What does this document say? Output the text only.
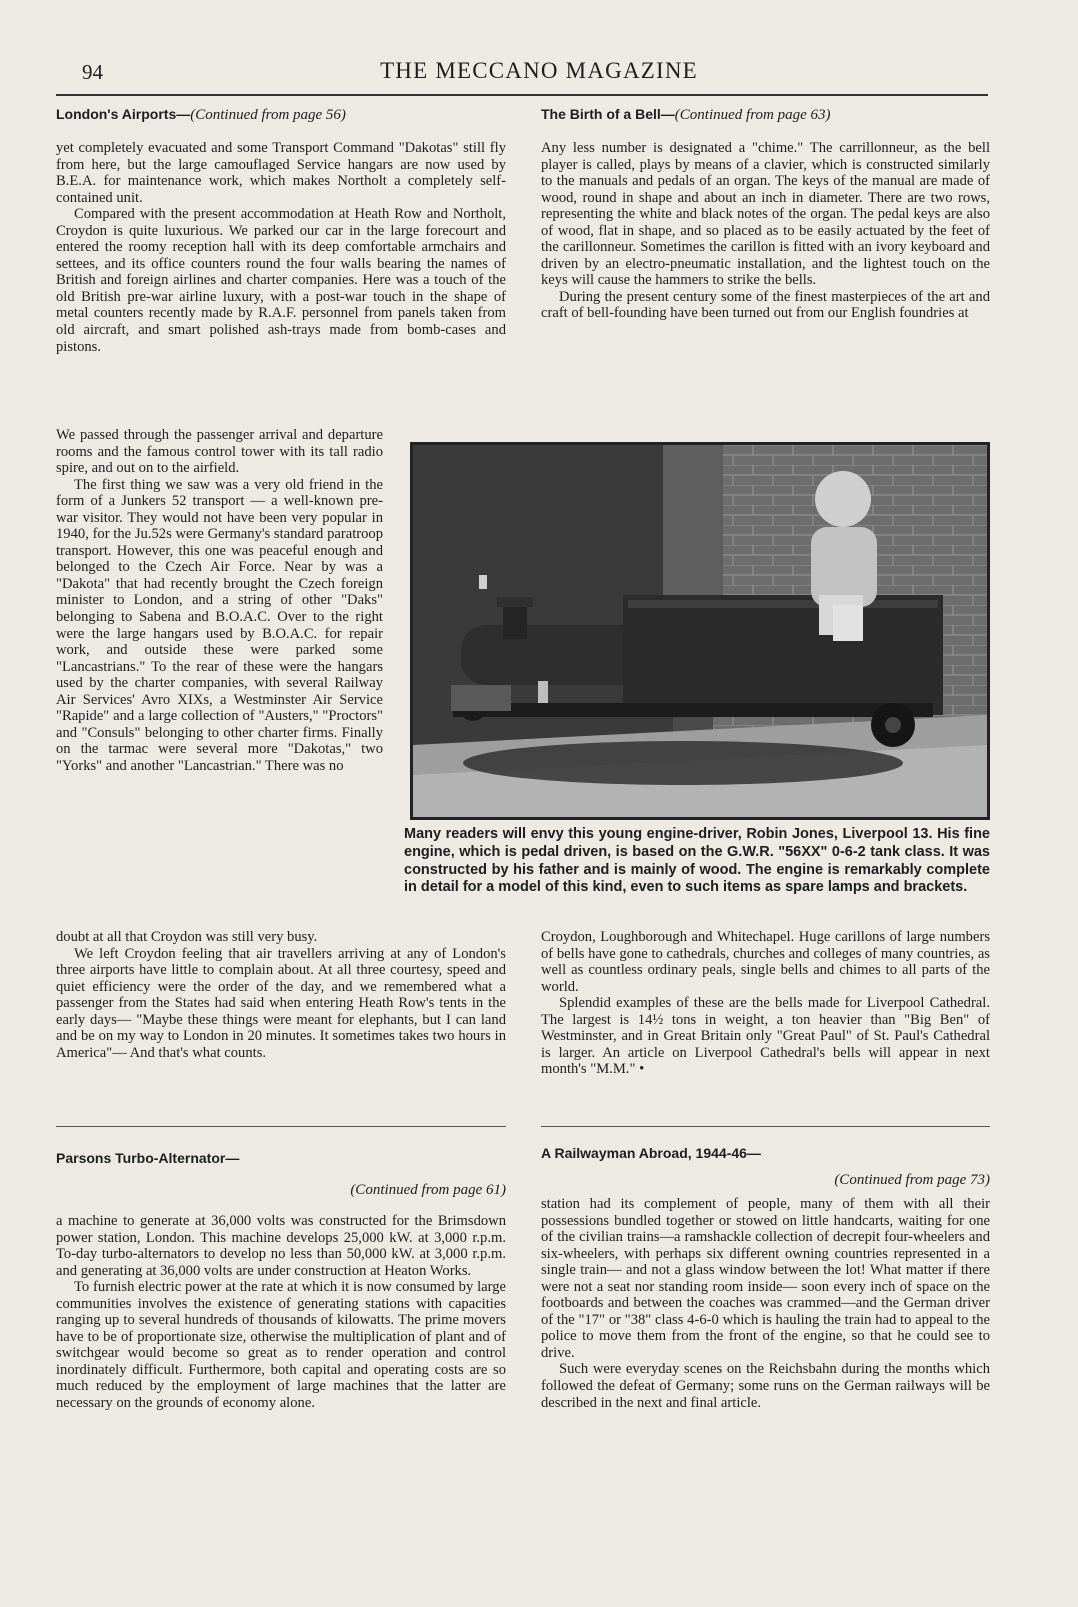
94	THE MECCANO MAGAZINE
London's Airports—(Continued from page 56)

yet completely evacuated and some Transport Command "Dakotas" still fly from here, but the large camouflaged Service hangars are now used by B.E.A. for maintenance work, which makes Northolt a completely self-contained unit.

Compared with the present accommodation at Heath Row and Northolt, Croydon is quite luxurious. We parked our car in the large forecourt and entered the roomy reception hall with its deep comfortable armchairs and settees, and its office counters round the four walls bearing the names of British and foreign airlines and charter companies. Here was a touch of the old British pre-war airline luxury, with a post-war touch in the shape of metal counters recently made by R.A.F. personnel from panels taken from old aircraft, and smart polished ash-trays made from bomb-cases and pistons.

We passed through the passenger arrival and departure rooms and the famous control tower with its tall radio spire, and out on to the airfield.

The first thing we saw was a very old friend in the form of a Junkers 52 transport — a well-known pre-war visitor. They would not have been very popular in 1940, for the Ju.52s were Germany's standard paratroop transport. However, this one was peaceful enough and belonged to the Czech Air Force. Near by was a "Dakota" that had recently brought the Czech foreign minister to London, and a string of other "Daks" belonging to Sabena and B.O.A.C. Over to the right were the large hangars used by B.O.A.C. for repair work, and outside these were parked some "Lancastrians." To the rear of these were the hangars used by the charter companies, with several Railway Air Services' Avro XIXs, a Westminster Air Service "Rapide" and a large collection of "Austers," "Proctors" and "Consuls" belonging to other charter firms. Finally on the tarmac were several more "Dakotas," two "Yorks" and another "Lancastrian." There was no

doubt at all that Croydon was still very busy.

We left Croydon feeling that air travellers arriving at any of London's three airports have little to complain about. At all three courtesy, speed and quiet efficiency were the order of the day, and we remembered what a passenger from the States had said when entering Heath Row's tents in the early days— "Maybe these things were meant for elephants, but I can land and be on my way to London in 20 minutes. It sometimes takes two hours in America"— And that's what counts.

The Birth of a Bell—(Continued from page 63)

Any less number is designated a "chime." The carrillonneur, as the bell player is called, plays by means of a clavier, which is constructed similarly to the manuals and pedals of an organ. The keys of the manual are made of wood, round in shape and about an inch in diameter. There are two rows, representing the white and black notes of the organ. The pedal keys are also of wood, flat in shape, and so placed as to be easily actuated by the feet of the carillonneur. Sometimes the carillon is fitted with an ivory keyboard and driven by an electro-pneumatic installation, and the lightest touch on the keys will cause the hammers to strike the bells.

During the present century some of the finest masterpieces of the art and craft of bell-founding have been turned out from our English foundries at

Many readers will envy this young engine-driver, Robin Jones, Liverpool 13. His fine engine, which is pedal driven, is based on the G.W.R. "56XX" 0-6-2 tank class. It was constructed by his father and is mainly of wood. The engine is remarkably complete in detail for a model of this kind, even to such items as spare lamps and brackets.

Croydon, Loughborough and Whitechapel. Huge carillons of large numbers of bells have gone to cathedrals, churches and colleges of many countries, as well as countless ordinary peals, single bells and chimes to all parts of the world.

Splendid examples of these are the bells made for Liverpool Cathedral. The largest is 14½ tons in weight, a ton heavier than "Big Ben" of Westminster, and in Great Britain only "Great Paul" of St. Paul's Cathedral is larger. An article on Liverpool Cathedral's bells will appear in next month's "M.M." •

Parsons Turbo-Alternator—
(Continued from page 61)

a machine to generate at 36,000 volts was constructed for the Brimsdown power station, London. This machine develops 25,000 kW. at 3,000 r.p.m. To-day turbo-alternators to develop no less than 50,000 kW. at 3,000 r.p.m. and generating at 36,000 volts are under construction at Heaton Works.

To furnish electric power at the rate at which it is now consumed by large communities involves the existence of generating stations with capacities ranging up to several hundreds of thousands of kilowatts. The prime movers have to be of proportionate size, otherwise the multiplication of plant and of switchgear would become so great as to render operation and control inordinately difficult. Furthermore, both capital and operating costs are so much reduced by the employment of large machines that the latter are necessary on the grounds of economy alone.

A Railwayman Abroad, 1944-46—
(Continued from page 73)

station had its complement of people, many of them with all their possessions bundled together or stowed on little handcarts, waiting for one of the civilian trains—a ramshackle collection of decrepit four-wheelers and six-wheelers, with perhaps six different owning countries represented in a single train— and not a glass window between the lot! What matter if there were not a seat nor standing room inside— soon every inch of space on the footboards and between the coaches was crammed—and the German driver of the "17" or "38" class 4-6-0 which is hauling the train had to appeal to the police to move them from the front of the engine, so that he could see to drive.

Such were everyday scenes on the Reichsbahn during the months which followed the defeat of Germany; some runs on the German railways will be described in the next and final article.
